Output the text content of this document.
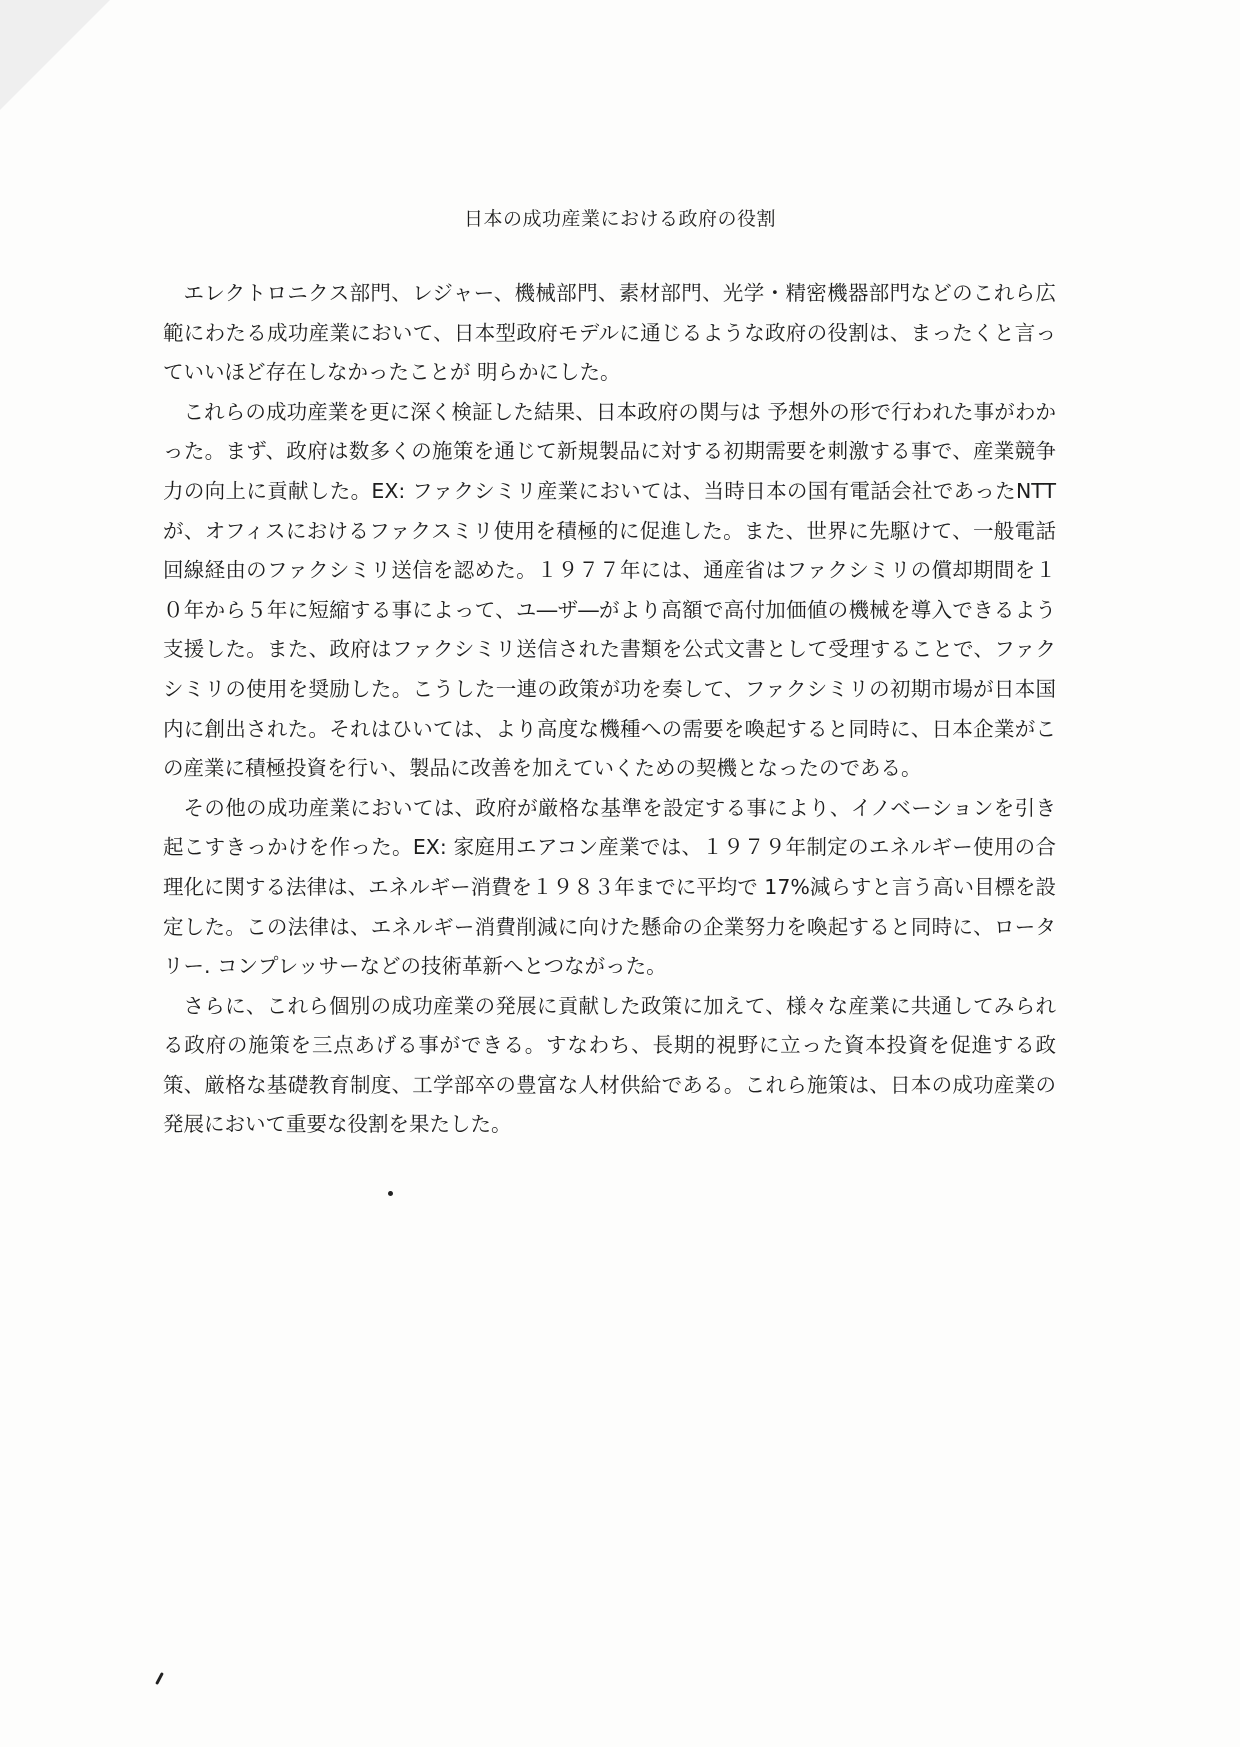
日本の成功産業における政府の役割

エレクトロニクス部門、レジャー、機械部門、素材部門、光学・精密機器部門などのこれら広範にわたる成功産業において、日本型政府モデルに通じるような政府の役割は、まったくと言っていいほど存在しなかったことが 明らかにした。

これらの成功産業を更に深く検証した結果、日本政府の関与は 予想外の形で行われた事がわかった。まず、政府は数多くの施策を通じて新規製品に対する初期需要を刺激する事で、産業競争力の向上に貢献した。EX: ファクシミリ産業においては、当時日本の国有電話会社であったNTTが、オフィスにおけるファクスミリ使用を積極的に促進した。また、世界に先駆けて、一般電話回線経由のファクシミリ送信を認めた。１９７７年には、通産省はファクシミリの償却期間を１０年から５年に短縮する事によって、ユ―ザ―がより高額で高付加価値の機械を導入できるよう支援した。また、政府はファクシミリ送信された書類を公式文書として受理することで、ファクシミリの使用を奨励した。こうした一連の政策が功を奏して、ファクシミリの初期市場が日本国内に創出された。それはひいては、より高度な機種への需要を喚起すると同時に、日本企業がこの産業に積極投資を行い、製品に改善を加えていくための契機となったのである。

その他の成功産業においては、政府が厳格な基準を設定する事により、イノベーションを引き起こすきっかけを作った。EX: 家庭用エアコン産業では、１９７９年制定のエネルギー使用の合理化に関する法律は、エネルギー消費を１９８３年までに平均で 17%減らすと言う高い目標を設定した。この法律は、エネルギー消費削減に向けた懸命の企業努力を喚起すると同時に、ロータリー. コンプレッサーなどの技術革新へとつながった。

さらに、これら個別の成功産業の発展に貢献した政策に加えて、様々な産業に共通してみられる政府の施策を三点あげる事ができる。すなわち、長期的視野に立った資本投資を促進する政策、厳格な基礎教育制度、工学部卒の豊富な人材供給である。これら施策は、日本の成功産業の発展において重要な役割を果たした。
